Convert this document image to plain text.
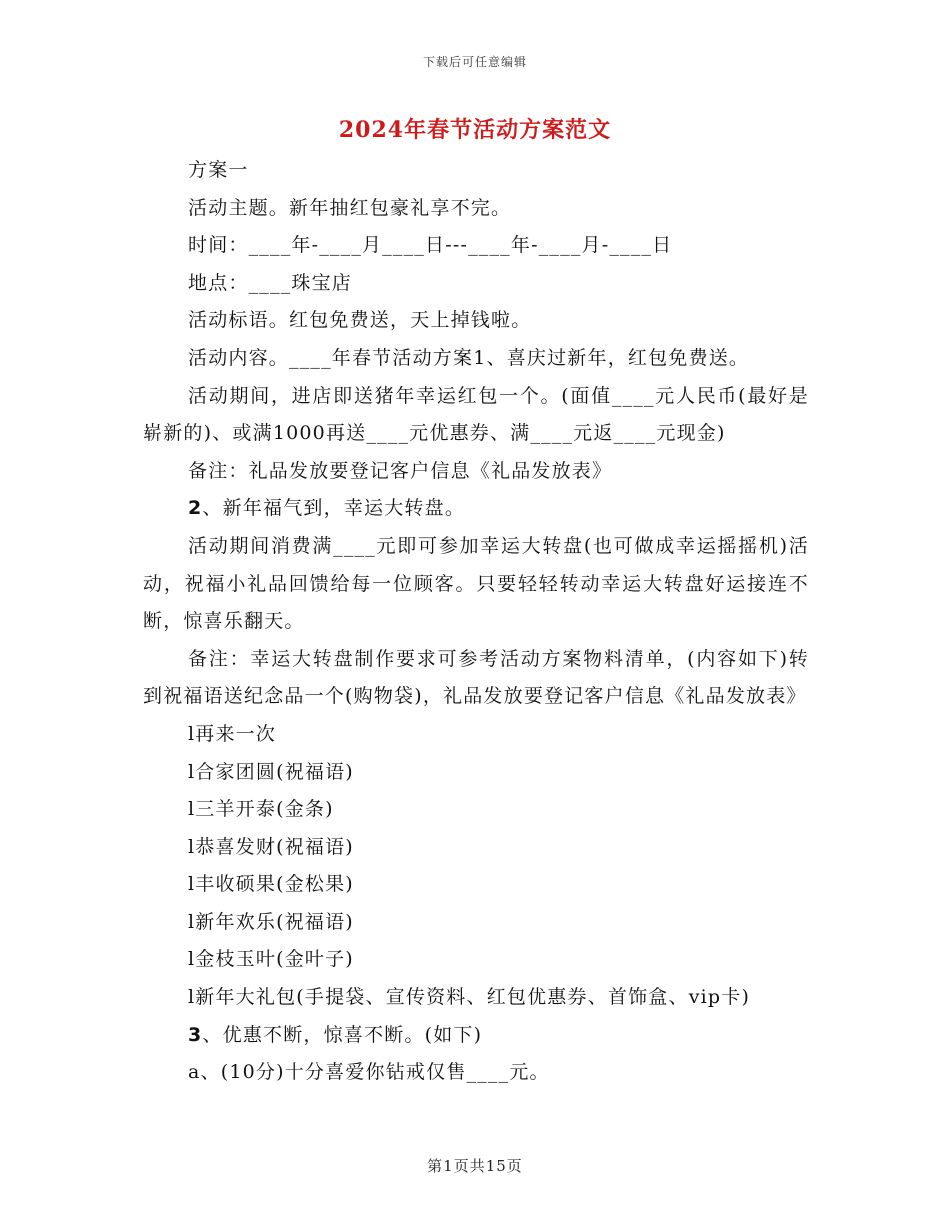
下载后可任意编辑
2024年春节活动方案范文

方案一

活动主题。新年抽红包豪礼享不完。

时间：____年-____月____日---____年-____月-____日

地点：____珠宝店

活动标语。红包免费送，天上掉钱啦。

活动内容。____年春节活动方案1、喜庆过新年，红包免费送。

活动期间，进店即送猪年幸运红包一个。(面值____元人民币(最好是崭新的)、或满1000再送____元优惠券、满____元返____元现金)

备注：礼品发放要登记客户信息《礼品发放表》

2、新年福气到，幸运大转盘。

活动期间消费满____元即可参加幸运大转盘(也可做成幸运摇摇机)活动，祝福小礼品回馈给每一位顾客。只要轻轻转动幸运大转盘好运接连不断，惊喜乐翻天。

备注：幸运大转盘制作要求可参考活动方案物料清单，(内容如下)转到祝福语送纪念品一个(购物袋)，礼品发放要登记客户信息《礼品发放表》

l再来一次

l合家团圆(祝福语)

l三羊开泰(金条)

l恭喜发财(祝福语)

l丰收硕果(金松果)

l新年欢乐(祝福语)

l金枝玉叶(金叶子)

l新年大礼包(手提袋、宣传资料、红包优惠券、首饰盒、vip卡)

3、优惠不断，惊喜不断。(如下)

a、(10分)十分喜爱你钻戒仅售____元。

第1页共15页
